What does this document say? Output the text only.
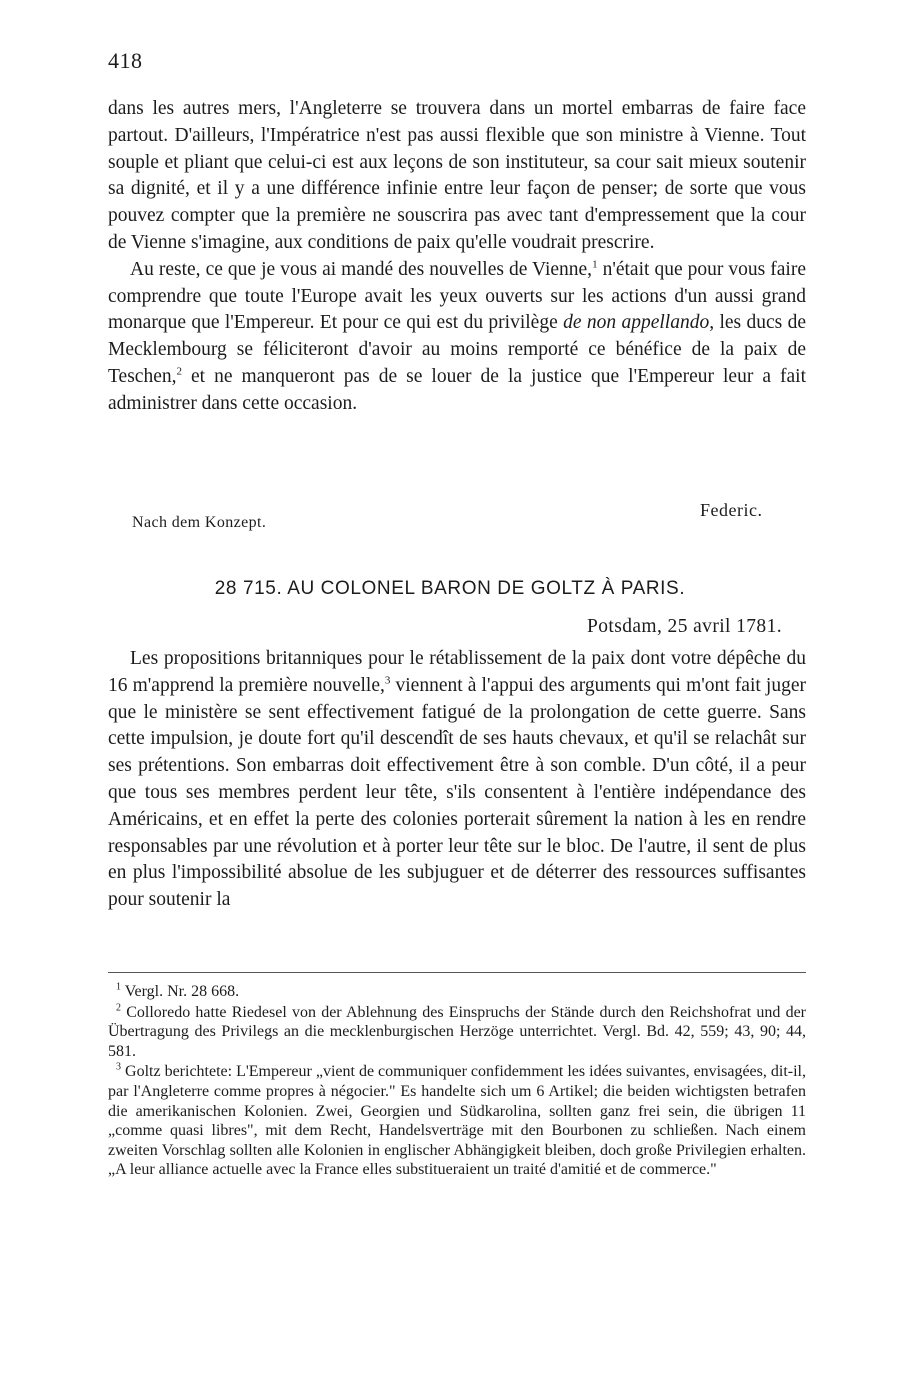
418

dans les autres mers, l'Angleterre se trouvera dans un mortel embarras de faire face partout. D'ailleurs, l'Impératrice n'est pas aussi flexible que son ministre à Vienne. Tout souple et pliant que celui-ci est aux leçons de son instituteur, sa cour sait mieux soutenir sa dignité, et il y a une différence infinie entre leur façon de penser; de sorte que vous pouvez compter que la première ne souscrira pas avec tant d'empressement que la cour de Vienne s'imagine, aux conditions de paix qu'elle voudrait prescrire.

Au reste, ce que je vous ai mandé des nouvelles de Vienne,$^1$ n'était que pour vous faire comprendre que toute l'Europe avait les yeux ouverts sur les actions d'un aussi grand monarque que l'Empereur. Et pour ce qui est du privilège de non appellando, les ducs de Mecklembourg se féliciteront d'avoir au moins remporté ce bénéfice de la paix de Teschen,$^2$ et ne manqueront pas de se louer de la justice que l'Empereur leur a fait administrer dans cette occasion.

Federic.
Nach dem Konzept.
28 715. AU COLONEL BARON DE GOLTZ À PARIS.
Potsdam, 25 avril 1781.

Les propositions britanniques pour le rétablissement de la paix dont votre dépêche du 16 m'apprend la première nouvelle,$^3$ viennent à l'appui des arguments qui m'ont fait juger que le ministère se sent effectivement fatigué de la prolongation de cette guerre. Sans cette impulsion, je doute fort qu'il descendît de ses hauts chevaux, et qu'il se relachât sur ses prétentions. Son embarras doit effectivement être à son comble. D'un côté, il a peur que tous ses membres perdent leur tête, s'ils consentent à l'entière indépendance des Américains, et en effet la perte des colonies porterait sûrement la nation à les en rendre responsables par une révolution et à porter leur tête sur le bloc. De l'autre, il sent de plus en plus l'impossibilité absolue de les subjuguer et de déterrer des ressources suffisantes pour soutenir la

$^1$ Vergl. Nr. 28 668.

$^2$ Colloredo hatte Riedesel von der Ablehnung des Einspruchs der Stände durch den Reichshofrat und der Übertragung des Privilegs an die mecklenburgischen Herzöge unterrichtet. Vergl. Bd. 42, 559; 43, 90; 44, 581.

$^3$ Goltz berichtete: L'Empereur „vient de communiquer confidemment les idées suivantes, envisagées, dit-il, par l'Angleterre comme propres à négocier." Es handelte sich um 6 Artikel; die beiden wichtigsten betrafen die amerikanischen Kolonien. Zwei, Georgien und Südkarolina, sollten ganz frei sein, die übrigen 11 „comme quasi libres", mit dem Recht, Handelsverträge mit den Bourbonen zu schließen. Nach einem zweiten Vorschlag sollten alle Kolonien in englischer Abhängigkeit bleiben, doch große Privilegien erhalten. „A leur alliance actuelle avec la France elles substitueraient un traité d'amitié et de commerce."
